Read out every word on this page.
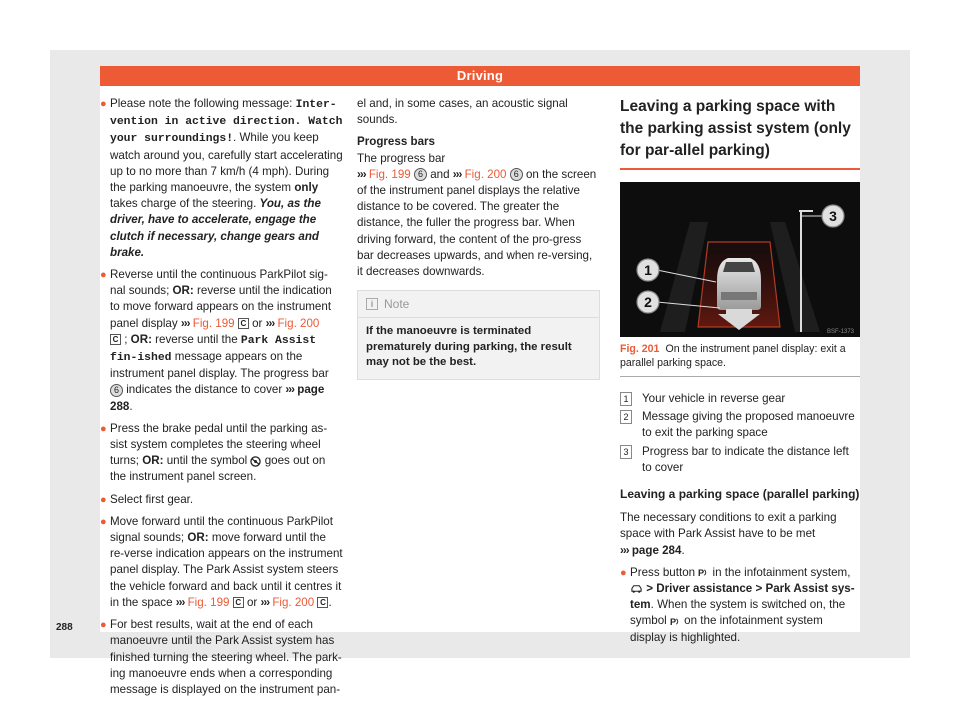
Driving
● Please note the following message: Inter-vention in active direction. Watch your surroundings!. While you keep watch around you, carefully start accelerating up to no more than 7 km/h (4 mph). During the parking manoeuvre, the system only takes charge of the steering. You, as the driver, have to accelerate, engage the clutch if necessary, change gears and brake.
● Reverse until the continuous ParkPilot sig-nal sounds; OR: reverse until the indication to move forward appears on the instrument panel display ››› Fig. 199 C or ››› Fig. 200
C ; OR: reverse until the Park Assist fin-ished message appears on the instrument panel display. The progress bar 6 indicates the distance to cover ››› page 288.
● Press the brake pedal until the parking as-sist system completes the steering wheel turns; OR: until the symbol  goes out on the instrument panel screen.
● Select first gear.
● Move forward until the continuous ParkPilot signal sounds; OR: move forward until the re-verse indication appears on the instrument panel display. The Park Assist system steers the vehicle forward and back until it centres it in the space ››› Fig. 199 C or ››› Fig. 200 C .
● For best results, wait at the end of each manoeuvre until the Park Assist system has finished turning the steering wheel. The park-ing manoeuvre ends when a corresponding message is displayed on the instrument pan-
el and, in some cases, an acoustic signal sounds.
Progress bars
The progress bar
››› Fig. 199 6 and ››› Fig. 200 6 on the screen of the instrument panel displays the relative distance to be covered. The greater the distance, the fuller the progress bar. When driving forward, the content of the pro-gress bar decreases upwards, and when re-versing, it decreases downwards.
i Note
If the manoeuvre is terminated prematurely during parking, the result may not be the best.
Leaving a parking space with the parking assist system (only for par-allel parking)
1
2
3
BSF-1373
Fig. 201 On the instrument panel display: exit a parallel parking space.
1	Your vehicle in reverse gear
2	Message giving the proposed manoeuvre to exit the parking space
3	Progress bar to indicate the distance left to cover
Leaving a parking space (parallel parking)
The necessary conditions to exit a parking space with Park Assist have to be met
››› page 284.
● Press button P in the infotainment system,
> Driver assistance > Park Assist sys-tem. When the system is switched on, the symbol P on the infotainment system display is highlighted.
288
